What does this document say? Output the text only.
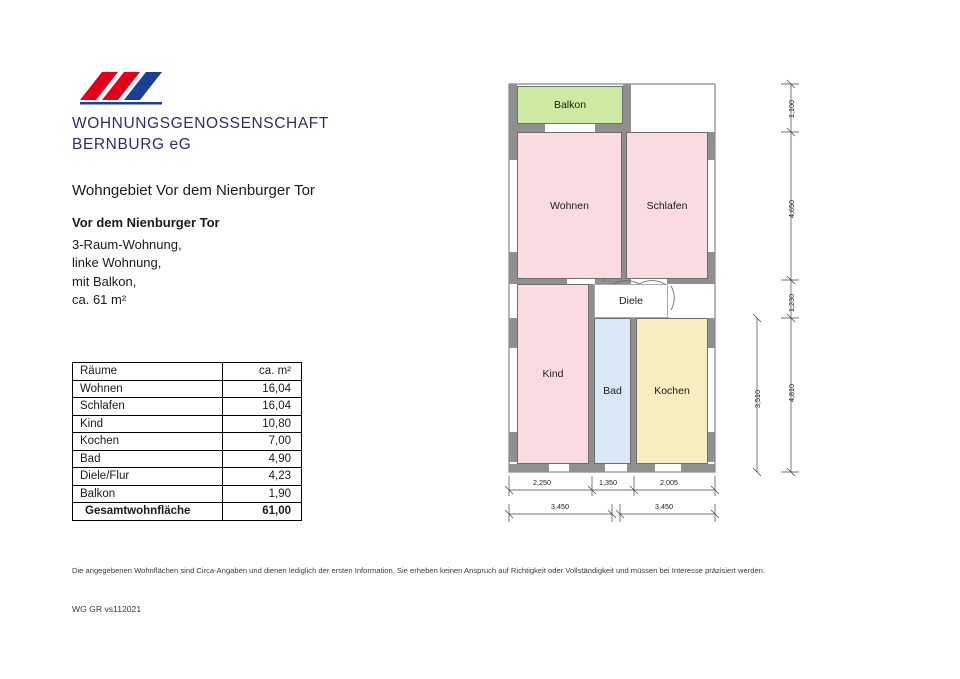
WOHNUNGSGENOSSENSCHAFT
BERNBURG eG
Wohngebiet Vor dem Nienburger Tor
Vor dem Nienburger Tor
3-Raum-Wohnung,
linke Wohnung,
mit Balkon,
ca. 61 m²
Räume	ca. m²
Wohnen	16,04
Schlafen	16,04
Kind	10,80
Kochen	7,00
Bad	4,90
Diele/Flur	4,23
Balkon	1,90
Gesamtwohnfläche	61,00
Die angegebenen Wohnflächen sind Circa-Angaben und dienen lediglich der ersten Information. Sie erheben keinen Anspruch auf Richtigkeit oder Vollständigkeit und müssen bei Interesse präzisiert werden.
WG GR vs112021
Balkon
Wohnen	Schlafen
Diele
Kind
Bad	Kochen
2,250	1,350	2,005
3,450	3,450
1,100
4,650
1,230
4,810
3,510
